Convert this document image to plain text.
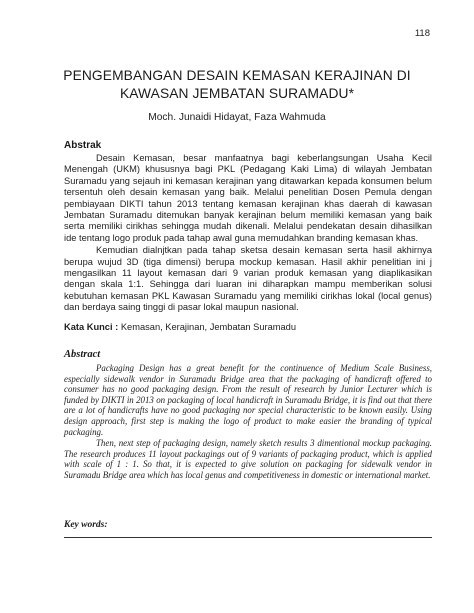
118
PENGEMBANGAN DESAIN KEMASAN KERAJINAN DI
KAWASAN JEMBATAN SURAMADU*
Moch. Junaidi Hidayat, Faza Wahmuda
Abstrak

Desain Kemasan, besar manfaatnya bagi keberlangsungan Usaha Kecil Menengah (UKM) khususnya bagi PKL (Pedagang Kaki Lima) di wilayah Jembatan Suramadu yang sejauh ini kemasan kerajinan yang ditawarkan kepada konsumen belum tersentuh oleh desain kemasan yang baik. Melalui penelitian Dosen Pemula dengan pembiayaan DIKTI tahun 2013 tentang kemasan kerajinan khas daerah di kawasan Jembatan Suramadu ditemukan banyak kerajinan belum memiliki kemasan yang baik serta memiliki cirikhas sehingga mudah dikenali. Melalui pendekatan desain dihasilkan ide tentang logo produk pada tahap awal guna memudahkan branding kemasan khas.

Kemudian dialnjtkan pada tahap sketsa desain kemasan serta hasil akhirnya berupa wujud 3D (tiga dimensi) berupa mockup kemasan. Hasil akhir penelitian ini j mengasilkan 11 layout kemasan dari 9 varian produk kemasan yang diaplikasikan dengan skala 1:1. Sehingga dari luaran ini diharapkan mampu memberikan solusi kebutuhan kemasan PKL Kawasan Suramadu yang memiliki cirikhas lokal (local genus) dan berdaya saing tinggi di pasar lokal maupun nasional.

Kata Kunci : Kemasan, Kerajinan, Jembatan Suramadu
Abstract

Packaging Design has a great benefit for the continuence of Medium Scale Business, especially sidewalk vendor in Suramadu Bridge area that the packaging of handicraft offered to consumer has no good packaging design. From the result of research by Junior Lecturer which is funded by DIKTI in 2013 on packaging of local handicraft in Suramadu Bridge, it is find out that there are a lot of handicrafts have no good packaging nor special characteristic to be known easily. Using design approach, first step is making the logo of product to make easier the branding of typical packaging.

Then, next step of packaging design, namely sketch results 3 dimentional mockup packaging. The research produces 11 layout packagings out of 9 variants of packaging product, which is applied with scale of 1 : 1. So that, it is expected to give solution on packaging for sidewalk vendor in Suramadu Bridge area which has local genus and competitiveness in domestic or international market.

Key words:
